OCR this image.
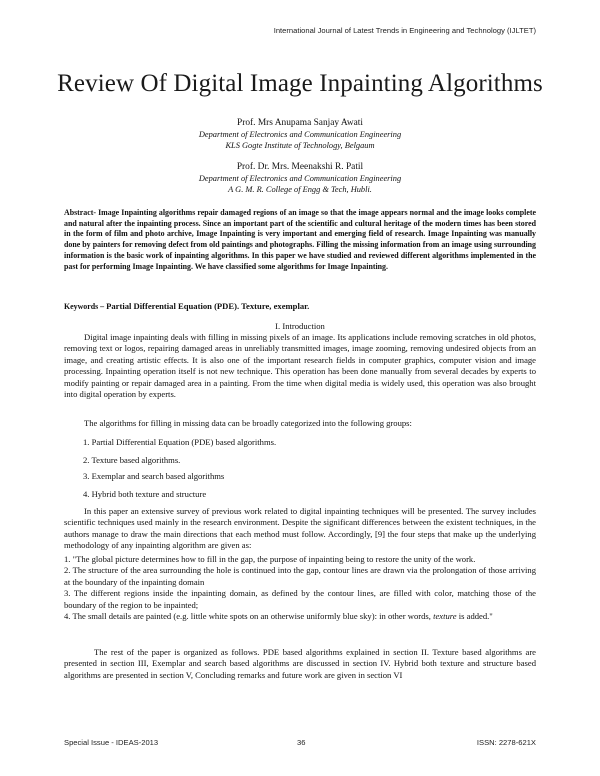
International Journal of Latest Trends in Engineering and Technology (IJLTET)
Review Of Digital Image Inpainting Algorithms
Prof. Mrs Anupama Sanjay Awati
Department of Electronics and Communication Engineering
KLS Gogte Institute of Technology, Belgaum
Prof. Dr. Mrs. Meenakshi R. Patil
Department of Electronics and Communication Engineering
A G. M. R. College of Engg & Tech, Hubli.
Abstract- Image Inpainting algorithms repair damaged regions of an image so that the image appears normal and the image looks complete and natural after the inpainting process. Since an important part of the scientific and cultural heritage of the modern times has been stored in the form of film and photo archive, Image Inpainting is very important and emerging field of research. Image Inpainting was manually done by painters for removing defect from old paintings and photographs. Filling the missing information from an image using surrounding information is the basic work of inpainting algorithms. In this paper we have studied and reviewed different algorithms implemented in the past for performing Image Inpainting. We have classified some algorithms for Image Inpainting.
Keywords – Partial Differential Equation (PDE). Texture, exemplar.
I. Introduction

Digital image inpainting deals with filling in missing pixels of an image. Its applications include removing scratches in old photos, removing text or logos, repairing damaged areas in unreliably transmitted images, image zooming, removing undesired objects from an image, and creating artistic effects. It is also one of the important research fields in computer graphics, computer vision and image processing. Inpainting operation itself is not new technique. This operation has been done manually from several decades by experts to modify painting or repair damaged area in a painting. From the time when digital media is widely used, this operation was also brought into digital operation by experts.

The algorithms for filling in missing data can be broadly categorized into the following groups:

1. Partial Differential Equation (PDE) based algorithms.
2. Texture based algorithms.
3. Exemplar and search based algorithms
4. Hybrid both texture and structure

In this paper an extensive survey of previous work related to digital inpainting techniques will be presented. The survey includes scientific techniques used mainly in the research environment. Despite the significant differences between the existent techniques, in the authors manage to draw the main directions that each method must follow. Accordingly, [9] the four steps that make up the underlying methodology of any inpainting algorithm are given as:

1. "The global picture determines how to fill in the gap, the purpose of inpainting being to restore the unity of the work.

2. The structure of the area surrounding the hole is continued into the gap, contour lines are drawn via the prolongation of those arriving at the boundary of the inpainting domain

3. The different regions inside the inpainting domain, as defined by the contour lines, are filled with color, matching those of the boundary of the region to be inpainted;

4. The small details are painted (e.g. little white spots on an otherwise uniformly blue sky): in other words, texture is added."

The rest of the paper is organized as follows. PDE based algorithms explained in section II. Texture based algorithms are presented in section III, Exemplar and search based algorithms are discussed in section IV. Hybrid both texture and structure based algorithms are presented in section V, Concluding remarks and future work are given in section VI

Special Issue - IDEAS-2013	36	ISSN: 2278-621X
